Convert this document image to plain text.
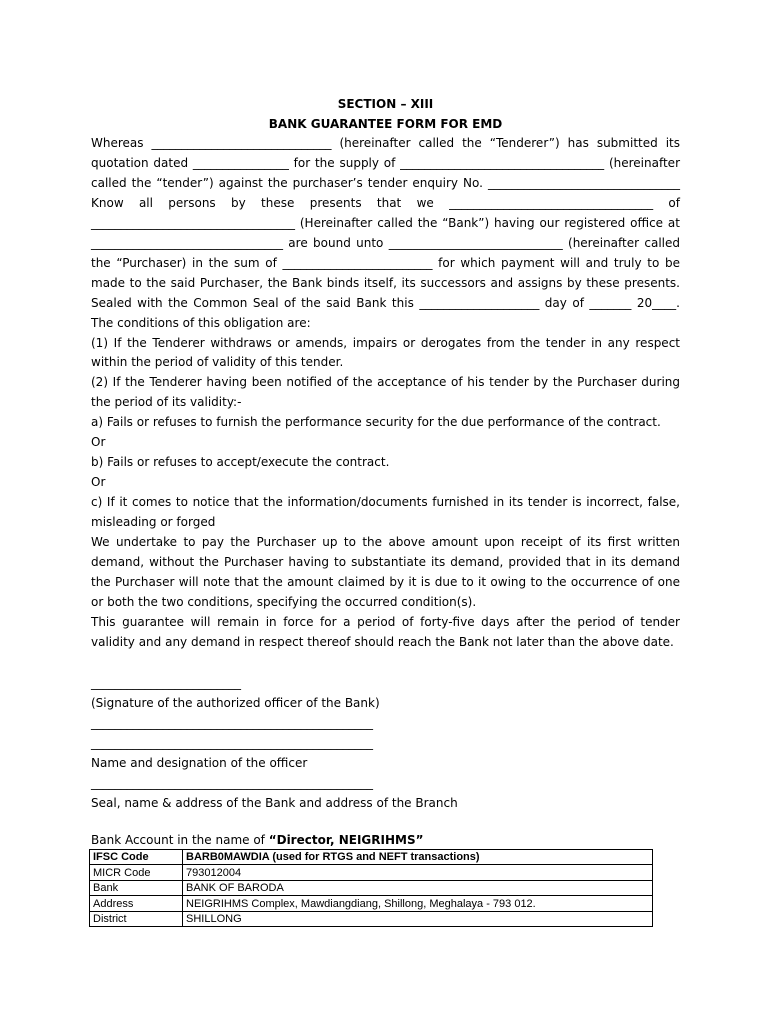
SECTION – XIII
BANK GUARANTEE FORM FOR EMD

Whereas ______________________________ (hereinafter called the “Tenderer”) has submitted its quotation dated ________________ for the supply of __________________________________ (hereinafter called the “tender”) against the purchaser’s tender enquiry No. ________________________________ Know all persons by these presents that we __________________________________ of __________________________________ (Hereinafter called the “Bank”) having our registered office at ________________________________ are bound unto _____________________________ (hereinafter called the “Purchaser) in the sum of _________________________ for which payment will and truly to be made to the said Purchaser, the Bank binds itself, its successors and assigns by these presents. Sealed with the Common Seal of the said Bank this ____________________ day of _______ 20____. The conditions of this obligation are:

(1) If the Tenderer withdraws or amends, impairs or derogates from the tender in any respect within the period of validity of this tender.

(2) If the Tenderer having been notified of the acceptance of his tender by the Purchaser during the period of its validity:-

a) Fails or refuses to furnish the performance security for the due performance of the contract.

Or

b) Fails or refuses to accept/execute the contract.

Or

c) If it comes to notice that the information/documents furnished in its tender is incorrect, false, misleading or forged

We undertake to pay the Purchaser up to the above amount upon receipt of its first written demand, without the Purchaser having to substantiate its demand, provided that in its demand the Purchaser will note that the amount claimed by it is due to it owing to the occurrence of one or both the two conditions, specifying the occurred condition(s).

This guarantee will remain in force for a period of forty-five days after the period of tender validity and any demand in respect thereof should reach the Bank not later than the above date.

_________________________
(Signature of the authorized officer of the Bank)
_______________________________________________
_______________________________________________
Name and designation of the officer
_______________________________________________
Seal, name & address of the Bank and address of the Branch
Bank Account in the name of “Director, NEIGRIHMS”
IFSC Code	BARB0MAWDIA (used for RTGS and NEFT transactions)
MICR Code	793012004
Bank	BANK OF BARODA
Address	NEIGRIHMS Complex, Mawdiangdiang, Shillong, Meghalaya - 793 012.
District	SHILLONG
